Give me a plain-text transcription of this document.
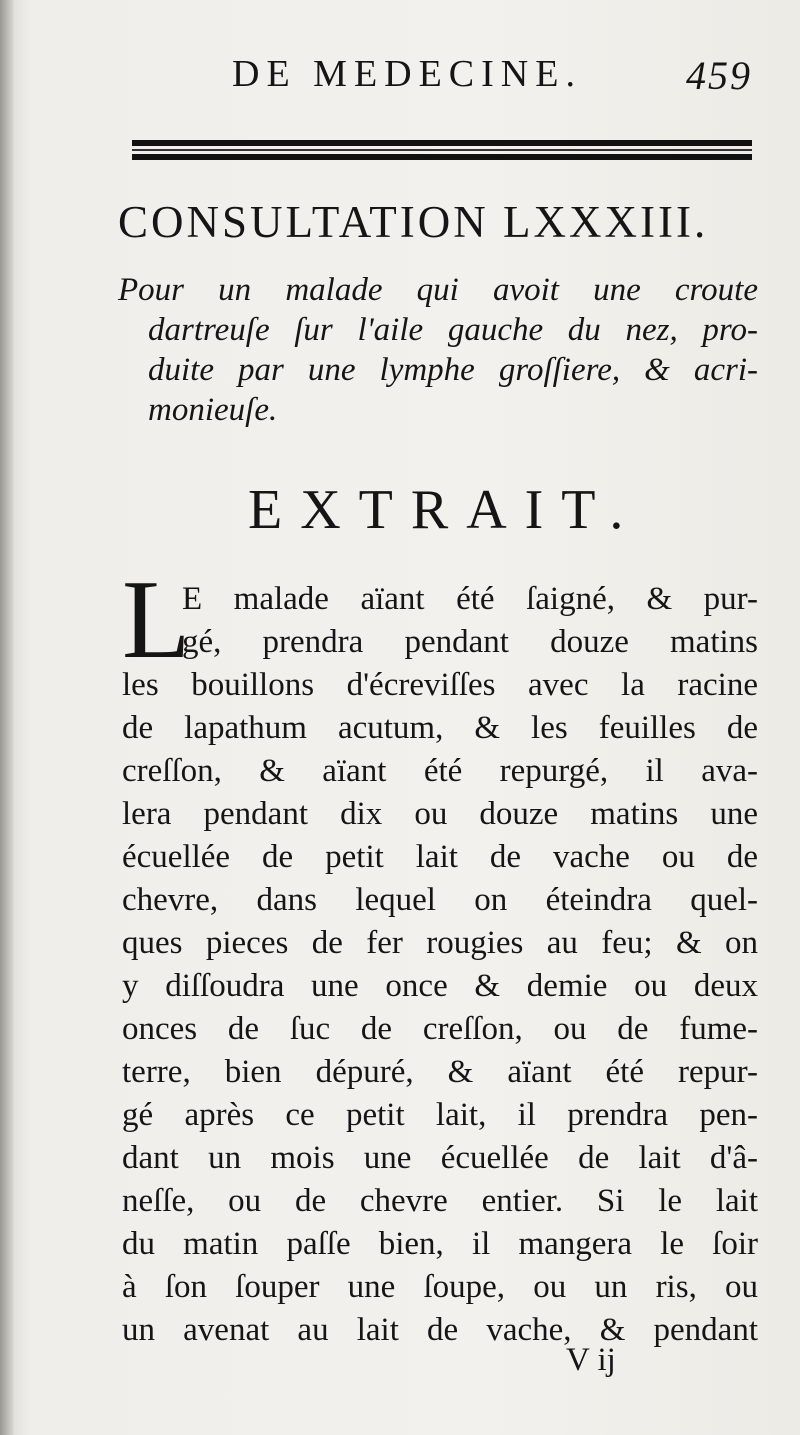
DE MEDECINE.	459
CONSULTATION LXXXIII.
Pour un malade qui avoit une croute
dartreuſe ſur l'aile gauche du nez, pro-
duite par une lymphe groſſiere, & acri-
monieuſe.
EXTRAIT.
L
E malade aïant été ſaigné, & pur-
gé, prendra pendant douze matins
les bouillons d'écreviſſes avec la racine
de lapathum acutum, & les feuilles de
creſſon, & aïant été repurgé, il ava-
lera pendant dix ou douze matins une
écuellée de petit lait de vache ou de
chevre, dans lequel on éteindra quel-
ques pieces de fer rougies au feu; & on
y diſſoudra une once & demie ou deux
onces de ſuc de creſſon, ou de fume-
terre, bien dépuré, & aïant été repur-
gé après ce petit lait, il prendra pen-
dant un mois une écuellée de lait d'â-
neſſe, ou de chevre entier. Si le lait
du matin paſſe bien, il mangera le ſoir
à ſon ſouper une ſoupe, ou un ris, ou
un avenat au lait de vache, & pendant
V ij
